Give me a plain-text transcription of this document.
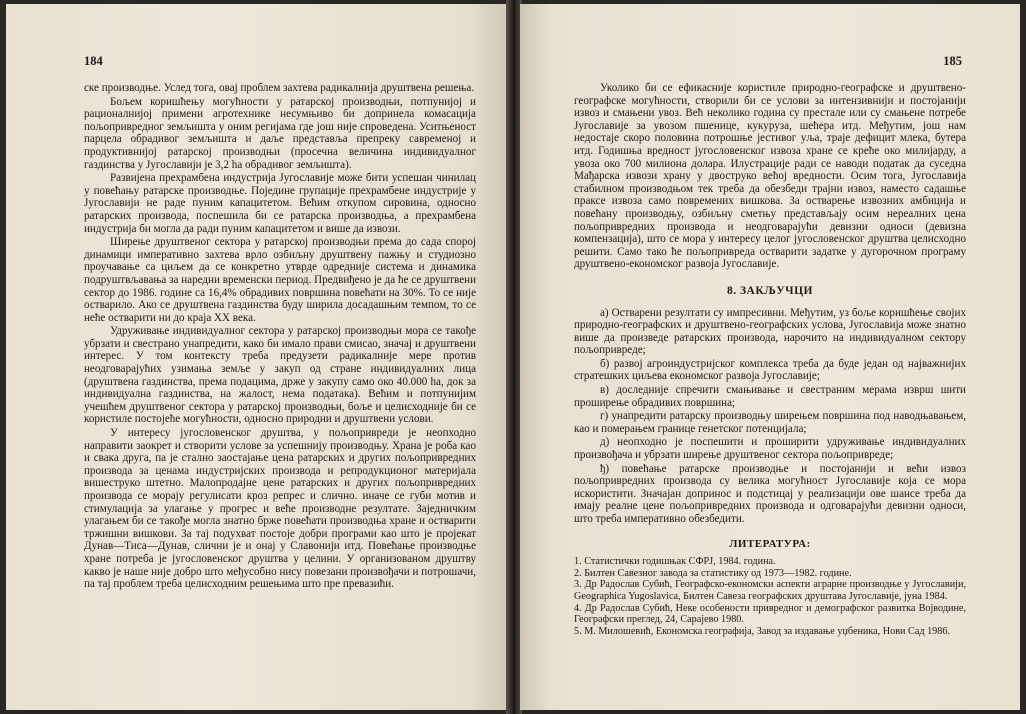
184

ске производње. Услед тога, овај проблем захтева радикалнија друштвена решења.

Бољем коришћењу могућности у ратарској производњи, потпунијој и рационалнијој примени агротехнике несумњиво би допринела комасација пољопривредног земљишта у оним регијама где још није спроведена. Уситњеност парцела обрадивог земљишта и даље представља препреку савременој и продуктивнијој ратарској производњи (просечна величина индивидуалног газдинства у Југославији је 3,2 ha обрадивог земљишта).

Развијена прехрамбена индустрија Југославије може бити успешан чинилац у повећању ратарске производње. Поједине групације прехрамбене индустрије у Југославији не раде пуним капацитетом. Већим откупом сировина, односно ратарских производа, поспешила би се ратарска производња, а прехрамбена индустрија би могла да ради пуним капацитетом и више да извози.

Ширење друштвеног сектора у ратарској производњи према до сада спорој динамици императивно захтева врло озбиљну друштвену пажњу и студиозно проучавање са циљем да се конкретно утврде одредније система и динамика подруштвљавања за наредни временски период. Предвиђено је да ће се друштвени сектор до 1986. године са 16,4% обрадивих површина повећати на 30%. То се није остварило. Ако се друштвена газдинства буду ширила досадашњим темпом, то се неће остварити ни до краја XX века.

Удруживање индивидуалног сектора у ратарској производњи мора се такође убрзати и свестрано унапредити, како би имало прави смисао, значај и друштвени интерес. У том контексту треба предузети радикалније мере против неодговарајућих узимања земље у закуп од стране индивидуалних лица (друштвена газдинства, према подацима, држе у закупу само око 40.000 ha, док за индивидуална газдинства, на жалост, нема података). Већим и потпунијим учешћем друштвеног сектора у ратарској производњи, боље и целисходније би се користиле постојеће могућности, односно природни и друштвени услови.

У интересу југословенског друштва, у пољопривреди је неопходно направити заокрет и створити услове за успешнију производњу. Храна је роба као и свака друга, па је стално заостајање цена ратарских и других пољопривредних производа за ценама индустријских производа и репродукционог материјала вишеструко штетно. Малопродајне цене ратарских и других пољопривредних производа се морају регулисати кроз репрес и слично. иначе се губи мотив и стимулација за улагање у прогрес и веће производне резултате. Заједничким улагањем би се такође могла знатно брже повећати производња хране и остварити тржишни вишкови. За тај подухват постоје добри програми као што је пројекат Дунав—Тиса—Дунав, слични је и онај у Славонији итд. Повећање производње хране потреба је југословенског друштва у целини. У организованом друштву какво је наше није добро што међусобно нису повезани произвођачи и потрошачи, па тај проблем треба целисходним решењима што пре превазићи.

185

Уколико би се ефикасније користиле природно-географске и друштвено-географске могућности, створили би се услови за интензивнији и постојанији извоз и смањени увоз. Већ неколико година су престале или су смањене потребе Југославије за увозом пшенице, кукуруза, шећера итд. Међутим, још нам недостаје скоро половина потрошње јестивог уља, траје дефицит млека, бутера итд. Годишња вредност југословенског извоза хране се креће око милијарду, а увоза око 700 милиона долара. Илустрације ради се наводи податак да суседна Мађарска извози храну у двоструко већој вредности. Осим тога, Југославија стабилном производњом тек треба да обезбеди трајни извоз, наместо садашње праксе извоза само повремених вишкова. За остварење извозних амбиција и повећану производњу, озбиљну сметњу представљају осим нереалних цена пољопривредних производа и неодговарајући девизни односи (девизна компензација), што се мора у интересу целог југословенског друштва целисходно решити. Само тако ће пољопривреда остварити задатке у дугорочном програму друштвено-економског развоја Југославије.

8. ЗАКЉУЧЦИ

а) Остварени резултати су импресивни. Међутим, уз боље коришћење својих природно-географских и друштвено-географских услова, Југославија може знатно више да произведе ратарских производа, нарочито на индивидуалном сектору пољопривреде;

б) развој агроиндустријског комплекса треба да буде један од најважнијих стратешких циљева економског развоја Југославије;

в) доследније спречити смањивање и свестраним мерама изврш шити проширење обрадивих површина;

г) унапредити ратарску производњу ширењем површина под наводњавањем, као и померањем границе генетског потенцијала;

д) неопходно је поспешити и проширити удруживање индивидуалних произвођача и убрзати ширење друштвеног сектора пољопривреде;

ђ) повећање ратарске производње и постојанији и већи извоз пољопривредних производа су велика могућност Југославије која се мора искористити. Значајан допринос и подстицај у реализацији ове шансе треба да имају реалне цене пољопривредних производа и одговарајући девизни односи, што треба императивно обезбедити.

ЛИТЕРАТУРА:
1. Статистички годишњак СФРЈ, 1984. година.
2. Билтен Савезног завода за статистику од 1973—1982. године.
3. Др Радослав Субић, Географско-економски аспекти аграрне производње у Југославији, Geographica Yugoslavica, Билтен Савеза географских друштава Југославије, јуна 1984.
4. Др Радослав Субић, Неке особености привредног и демографског развитка Војводине, Географски преглед, 24, Сарајево 1980.
5. М. Милошевић, Економска географија, Завод за издавање уџбеника, Нови Сад 1986.
